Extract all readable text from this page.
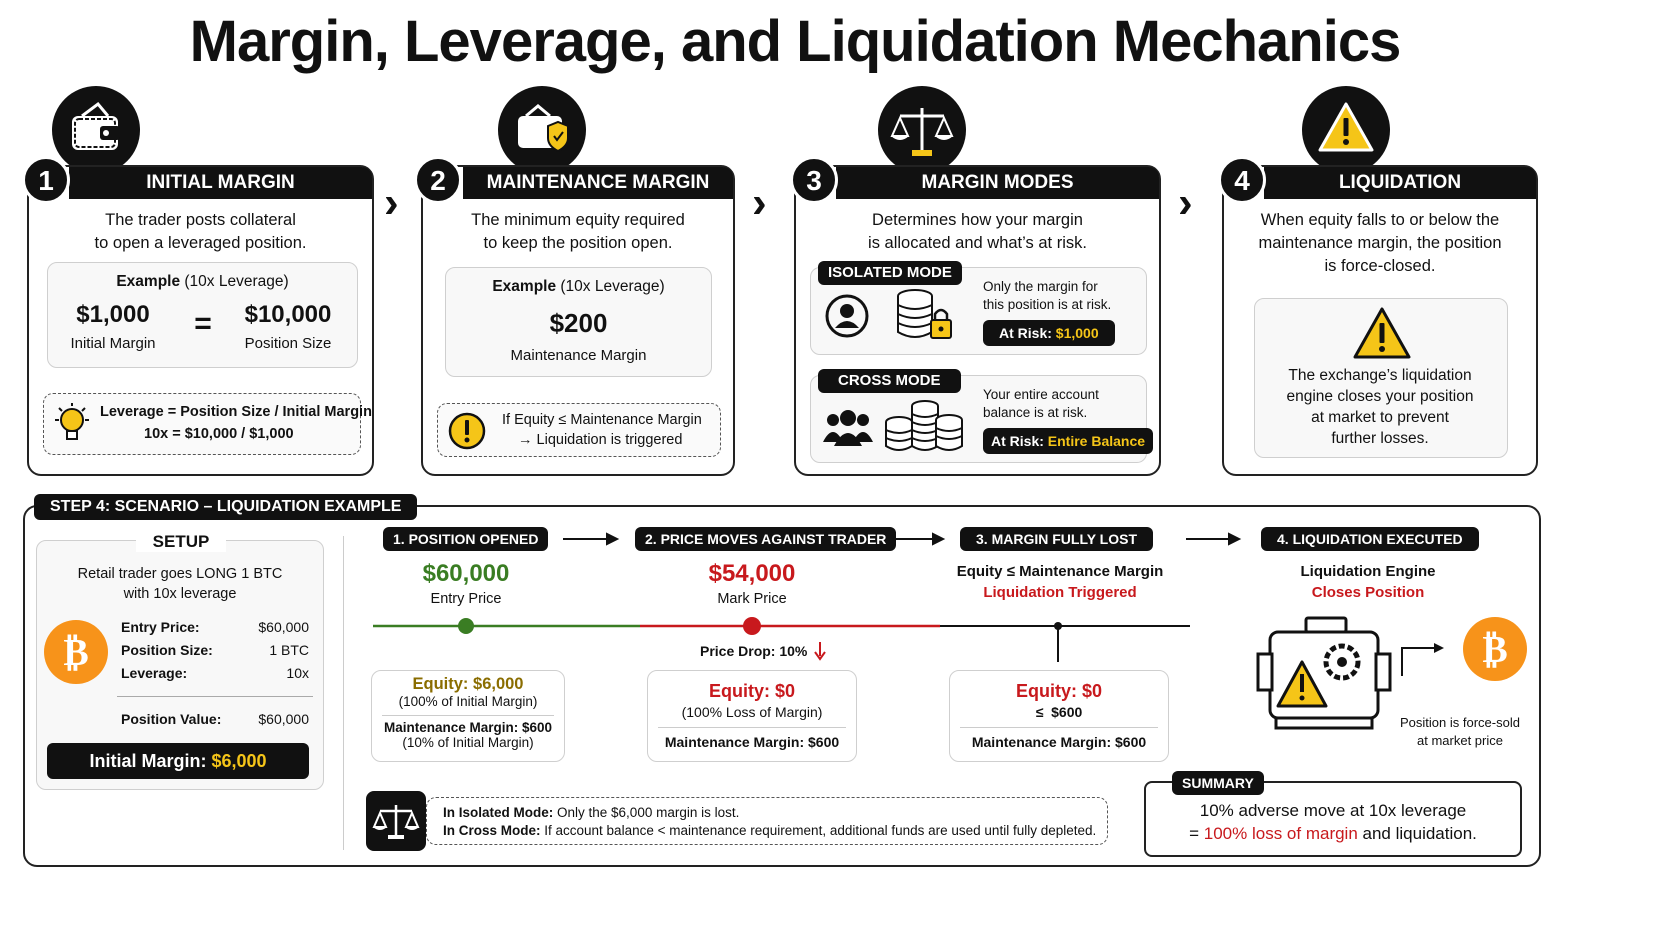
Margin, Leverage, and Liquidation Mechanics
INITIAL MARGIN
The trader posts collateral
to open a leveraged position.
Example (10x Leverage)
$1,000
Initial Margin
=	$10,000
Position Size
Leverage = Position Size / Initial Margin
10x = $10,000 / $1,000
1	›	MAINTENANCE MARGIN
The minimum equity required
to keep the position open.
Example (10x Leverage)
$200
Maintenance Margin
If Equity ≤ Maintenance Margin
→ Liquidation is triggered
2	›	MARGIN MODES
Determines how your margin
is allocated and what’s at risk.
Only the margin for
this position is at risk.
At Risk: $1,000
ISOLATED MODE
Your entire account
balance is at risk.
At Risk: Entire Balance
CROSS MODE
3	›	LIQUIDATION
When equity falls to or below the
maintenance margin, the position
is force-closed.
The exchange’s liquidation
engine closes your position
at market to prevent
further losses.
4
STEP 4: SCENARIO – LIQUIDATION EXAMPLE
SETUP
Retail trader goes LONG 1 BTC
with 10x leverage
₿
Entry Price:	$60,000
Position Size:	1 BTC
Leverage:	10x
Position Value:	$60,000
Initial Margin: $6,000
1. POSITION OPENED	2. PRICE MOVES AGAINST TRADER	3. MARGIN FULLY LOST	4. LIQUIDATION EXECUTED
$60,000
Entry Price
Equity: $6,000
(100% of Initial Margin)
Maintenance Margin: $600
(10% of Initial Margin)
$54,000
Mark Price
Price Drop: 10%
Equity: $0
(100% Loss of Margin)
Maintenance Margin: $600
Equity ≤ Maintenance Margin
Liquidation Triggered
Equity: $0
≤  $600
Maintenance Margin: $600
Liquidation Engine
Closes Position
₿
Position is force-sold
at market price
In Isolated Mode: Only the $6,000 margin is lost.
In Cross Mode: If account balance < maintenance requirement, additional funds are used until fully depleted.
10% adverse move at 10x leverage
= 100% loss of margin and liquidation.
SUMMARY
